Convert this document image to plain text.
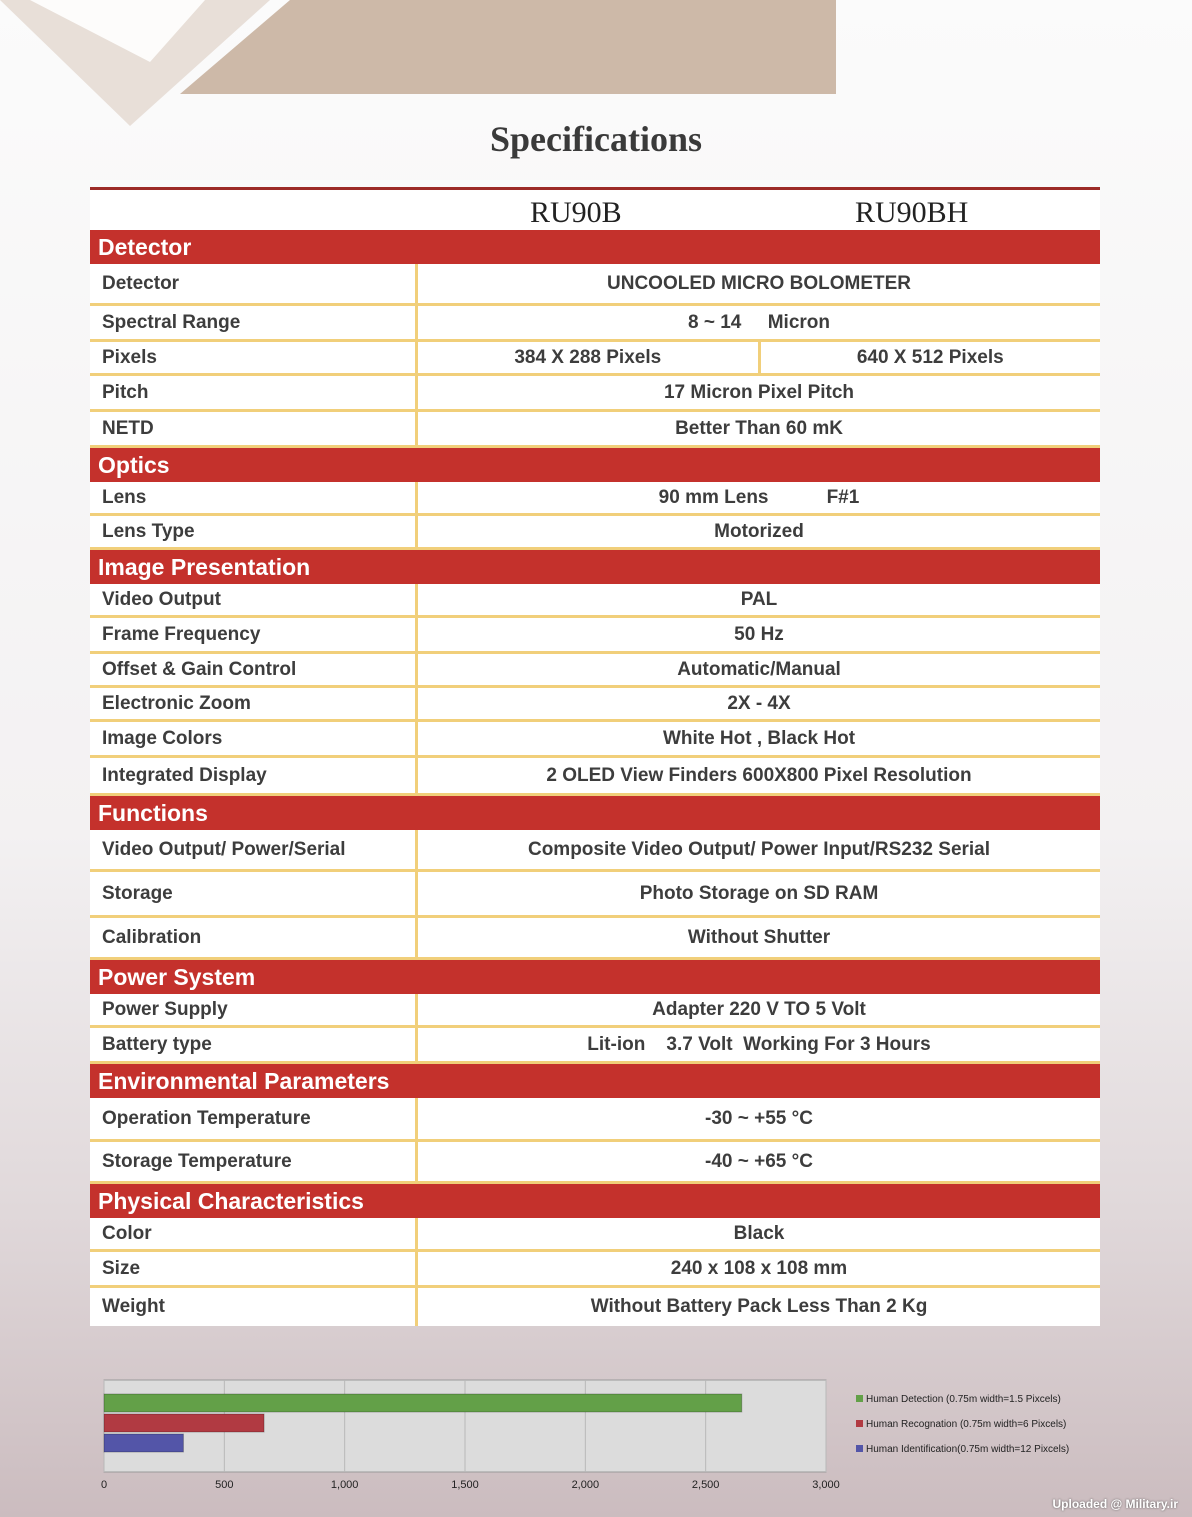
Specifications
RU90B	RU90BH
Detector
Detector	UNCOOLED MICRO BOLOMETER
Spectral Range	8 ~ 14     Micron
Pixels	384 X 288 Pixels	640 X 512 Pixels
Pitch	17 Micron Pixel Pitch
NETD	Better Than 60 mK
Optics
Lens	90 mm Lens           F#1
Lens Type	Motorized
Image Presentation
Video Output	PAL
Frame Frequency	50 Hz
Offset & Gain Control	Automatic/Manual
Electronic Zoom	2X - 4X
Image Colors	White Hot , Black Hot
Integrated Display	2 OLED View Finders 600X800 Pixel Resolution
Functions
Video Output/ Power/Serial	Composite Video Output/ Power Input/RS232 Serial
Storage	Photo Storage on SD RAM
Calibration	Without Shutter
Power System
Power Supply	Adapter 220 V TO 5 Volt
Battery type	Lit-ion    3.7 Volt  Working For 3 Hours
Environmental Parameters
Operation Temperature	-30 ~ +55 °C
Storage Temperature	-40 ~ +65 °C
Physical Characteristics
Color	Black
Size	240 x 108 x 108 mm
Weight	Without Battery Pack Less Than 2 Kg
0	500	1,000	1,500	2,000	2,500	3,000
Human Detection (0.75m width=1.5 Pixcels)
Human Recognation (0.75m width=6 Pixcels)
Human Identification(0.75m width=12 Pixcels)
Uploaded @ Military.ir
